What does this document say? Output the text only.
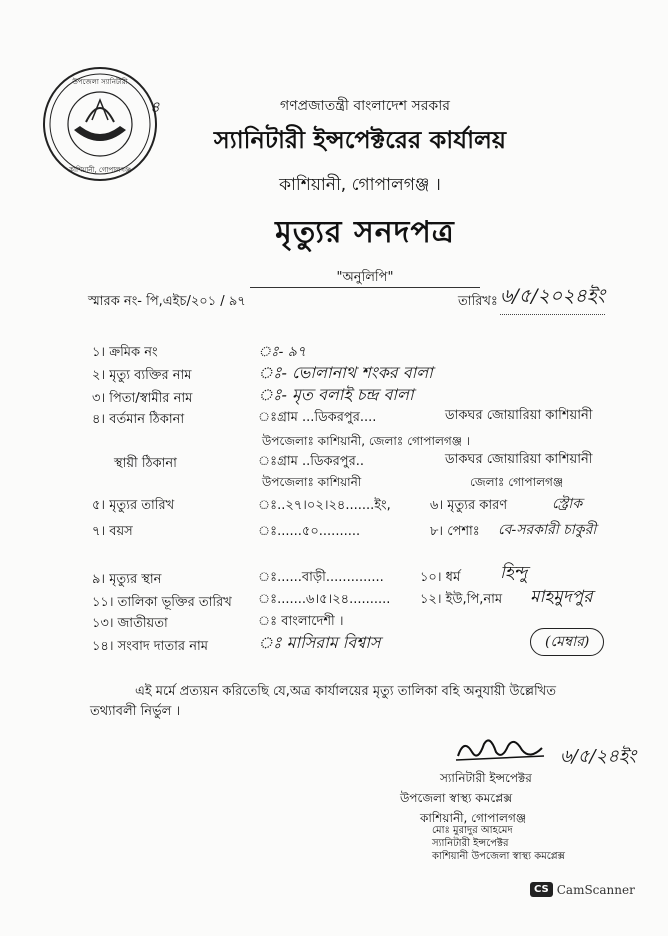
উপজেলা স্যানিটারী
কাশিয়ানী, গোপালগঞ্জ
৪	গণপ্রজাতন্ত্রী বাংলাদেশ সরকার
স্যানিটারী ইন্সপেক্টরের কার্যালয়
কাশিয়ানী, গোপালগঞ্জ ।
মৃত্যুর সনদপত্র
"অনুলিপি"
স্মারক নং- পি,এইচ/২০১ / ৯৭	তারিখঃ ৬/৫/২০২৪ইং
১। ক্রমিক নং	ঃ- ৯৭
২। মৃত্যু ব্যক্তির নাম	ঃ- ভোলানাথ শংকর বালা
৩। পিতা/স্বামীর নাম	ঃ- মৃত বলাই চন্দ্র বালা
৪। বর্তমান ঠিকানা	ঃগ্রাম ...ডিকরপুর....	ডাকঘর জোয়ারিয়া কাশিয়ানী
উপজেলাঃ কাশিয়ানী, জেলাঃ গোপালগঞ্জ ।
স্থায়ী ঠিকানা	ঃগ্রাম ..ডিকরপুর..	ডাকঘর জোয়ারিয়া কাশিয়ানী
উপজেলাঃ কাশিয়ানী	জেলাঃ গোপালগঞ্জ
৫। মৃত্যুর তারিখ	ঃ..২৭।০২।২৪.......ইং,	৬। মৃত্যুর কারণ	স্ট্রোক
৭। বয়স	ঃ......৫০..........	৮। পেশাঃ বে-সরকারী চাকুরী
৯। মৃত্যুর স্থান	ঃ......বাড়ী..............	১০। ধর্ম হিন্দু
১১। তালিকা ভূক্তির তারিখ ঃ.......৬।৫।২৪.......... ১২। ইউ,পি,নাম মাহমুদপুর
১৩। জাতীয়তা	ঃ বাংলাদেশী ।
১৪। সংবাদ দাতার নাম	ঃ মাসিরাম বিশ্বাস	(মেম্বার)
এই মর্মে প্রত্যয়ন করিতেছি যে,অত্র কার্যালয়ের মৃত্যু তালিকা বহি অনুযায়ী উল্লেখিত
তথ্যাবলী নির্ভুল ।
৬/৫/২৪ইং
স্যানিটারী ইন্সপেক্টর
উপজেলা স্বাস্থ্য কমপ্লেক্স
কাশিয়ানী, গোপালগঞ্জ
মোঃ মুরাদুর আহমেদ
স্যানিটারী ইন্সপেক্টর
কাশিয়ানী উপজেলা স্বাস্থ্য কমপ্লেক্স
CS CamScanner
